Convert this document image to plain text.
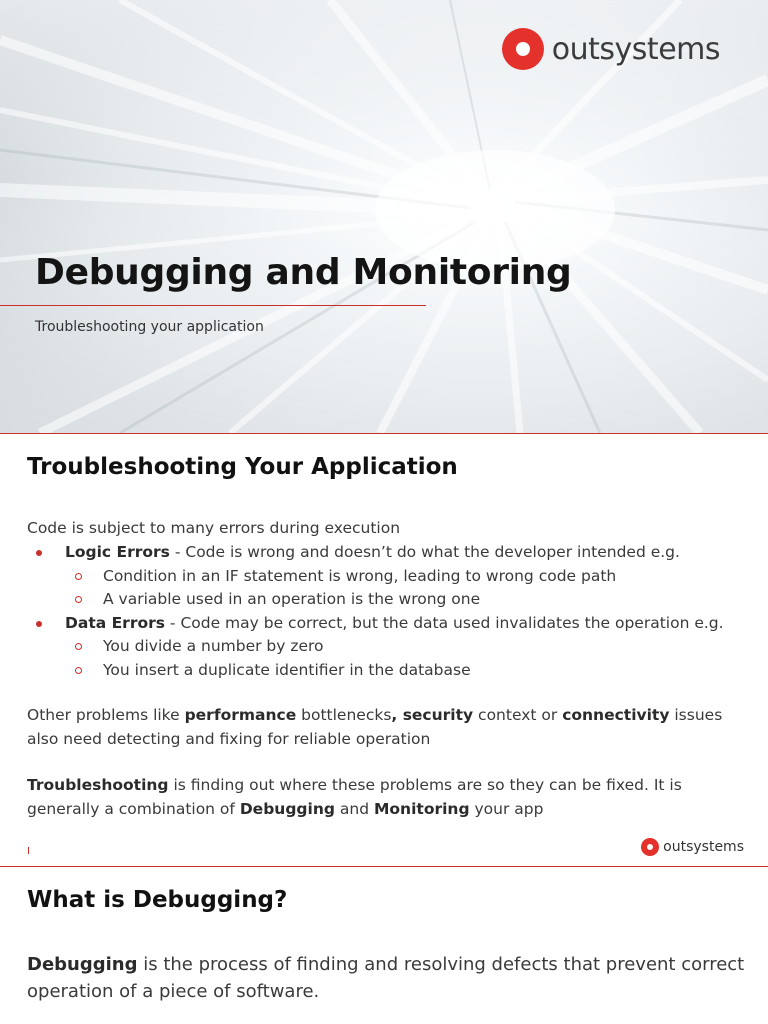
outsystems
Debugging and Monitoring
Troubleshooting your application
Troubleshooting Your Application
Code is subject to many errors during execution
Logic Errors - Code is wrong and doesn’t do what the developer intended e.g.
Condition in an IF statement is wrong, leading to wrong code path
A variable used in an operation is the wrong one
Data Errors - Code may be correct, but the data used invalidates the operation e.g.
You divide a number by zero
You insert a duplicate identifier in the database
Other problems like performance bottlenecks, security context or connectivity issues also need detecting and fixing for reliable operation
Troubleshooting is finding out where these problems are so they can be fixed. It is generally a combination of Debugging and Monitoring your app
outsystems
What is Debugging?
Debugging is the process of finding and resolving defects that prevent correct operation of a piece of software.
